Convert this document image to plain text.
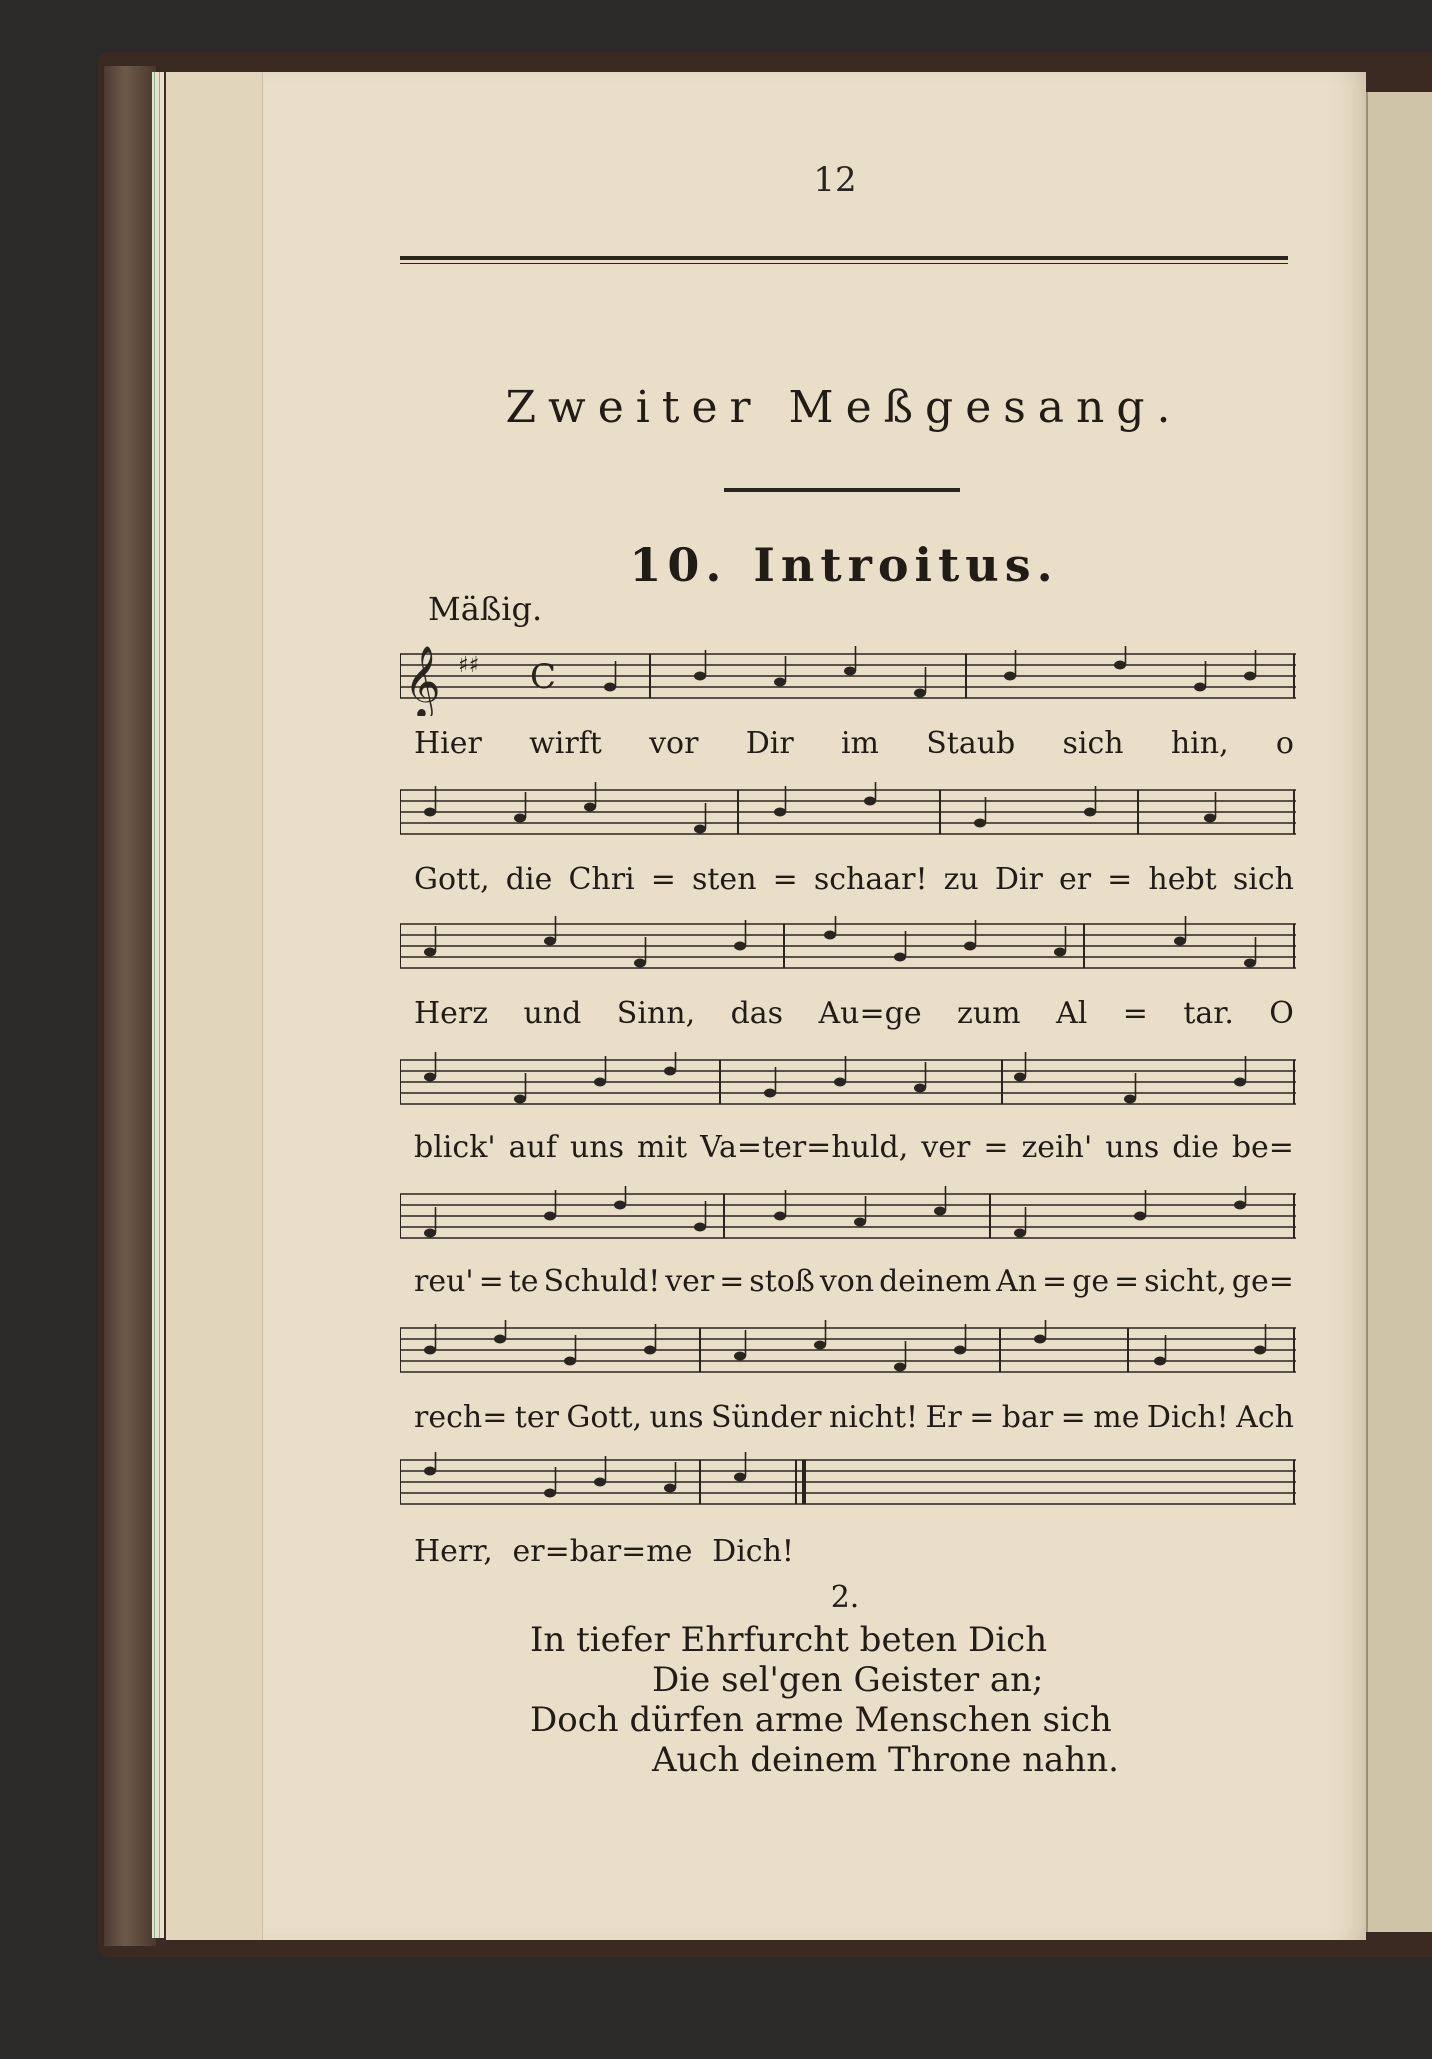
12
Zweiter Meßgesang.
10. Introitus.
Mäßig.
𝄞 ♯♯ C
Hier wirft vor Dir im Staub sich hin, o
Gott, die Chri = sten = schaar! zu Dir er = hebt sich
Herz und Sinn, das Au=ge zum Al = tar. O
blick' auf uns mit Va=ter=huld, ver = zeih' uns die be=
reu' = te Schuld! ver = stoß von deinem An = ge = sicht, ge=
rech= ter Gott, uns Sünder nicht! Er = bar = me Dich! Ach
Herr, er=bar=me Dich!
2.
In tiefer Ehrfurcht beten Dich
Die sel'gen Geister an;
Doch dürfen arme Menschen sich
Auch deinem Throne nahn.
